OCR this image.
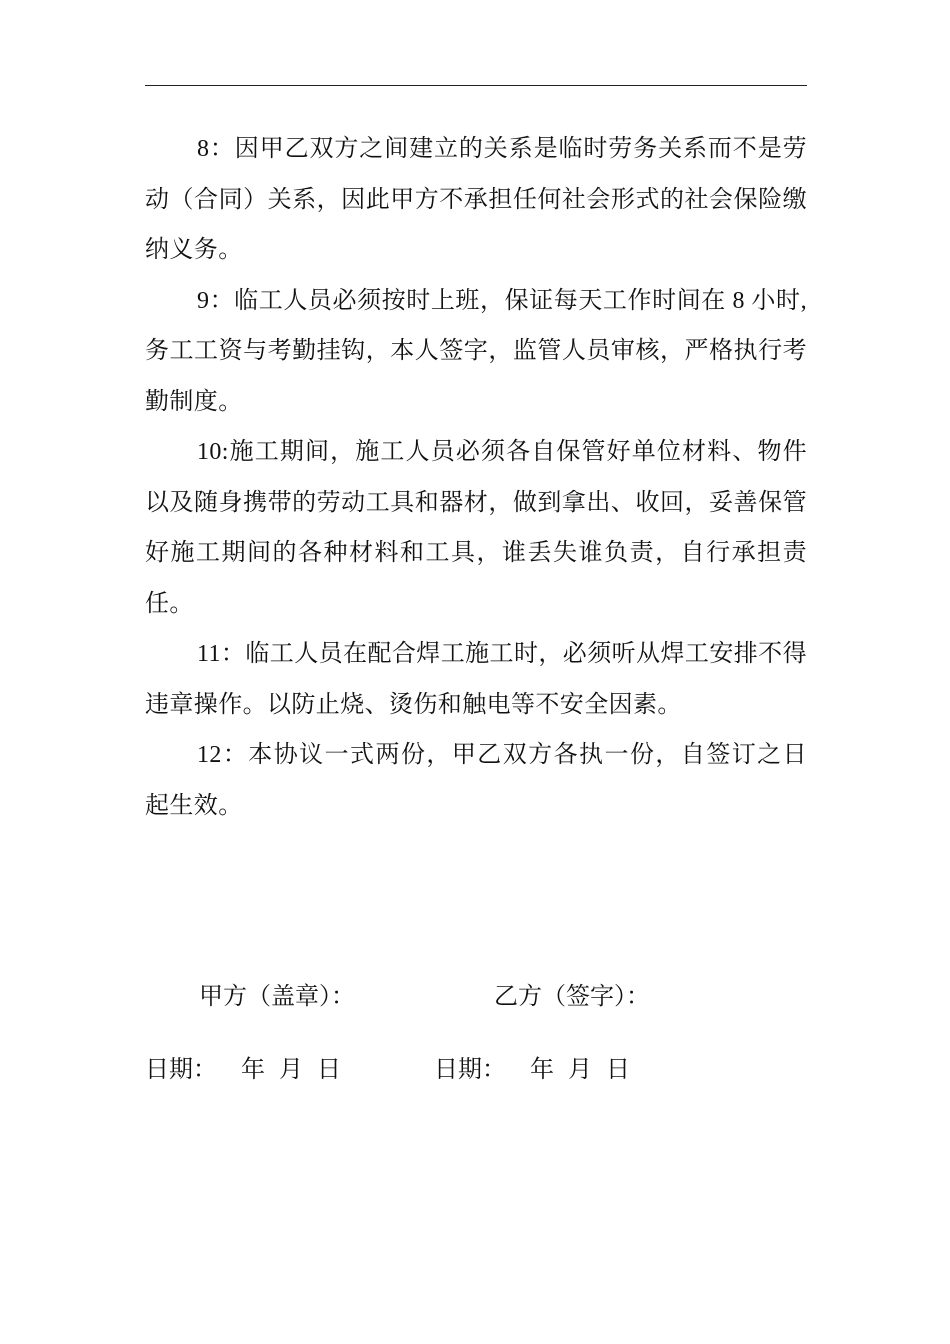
8：因甲乙双方之间建立的关系是临时劳务关系而不是劳动（合同）关系，因此甲方不承担任何社会形式的社会保险缴纳义务。

9：临工人员必须按时上班，保证每天工作时间在 8 小时,务工工资与考勤挂钩，本人签字，监管人员审核，严格执行考勤制度。

10:施工期间，施工人员必须各自保管好单位材料、物件以及随身携带的劳动工具和器材，做到拿出、收回，妥善保管好施工期间的各种材料和工具，谁丢失谁负责，自行承担责任。

11：临工人员在配合焊工施工时，必须听从焊工安排不得违章操作。以防止烧、烫伤和触电等不安全因素。

12：本协议一式两份，甲乙双方各执一份，自签订之日起生效。

甲方（盖章）：	乙方（签字）：
日期： 年 月 日	日期： 年 月 日
